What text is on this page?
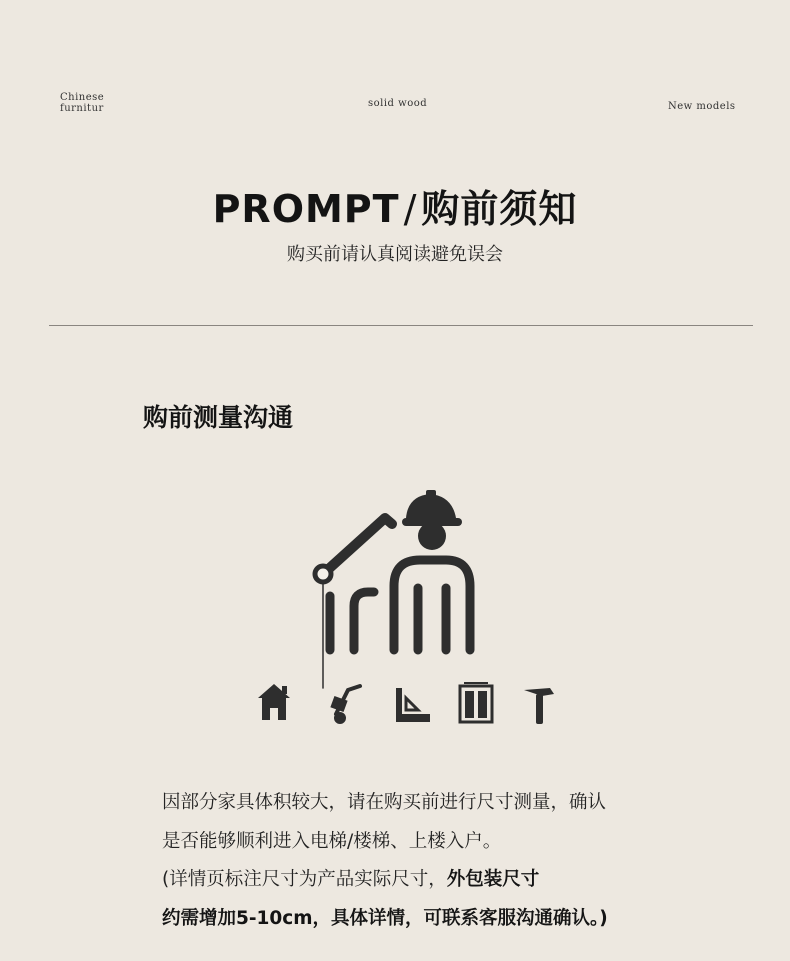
Chinese
furnitur	solid wood	New models
PROMPT / 购前须知
购买前请认真阅读避免误会
购前测量沟通
因部分家具体积较大，请在购买前进行尺寸测量，确认
是否能够顺利进入电梯/楼梯、上楼入户。
(详情页标注尺寸为产品实际尺寸，外包装尺寸
约需增加5-10cm，具体详情，可联系客服沟通确认。)
